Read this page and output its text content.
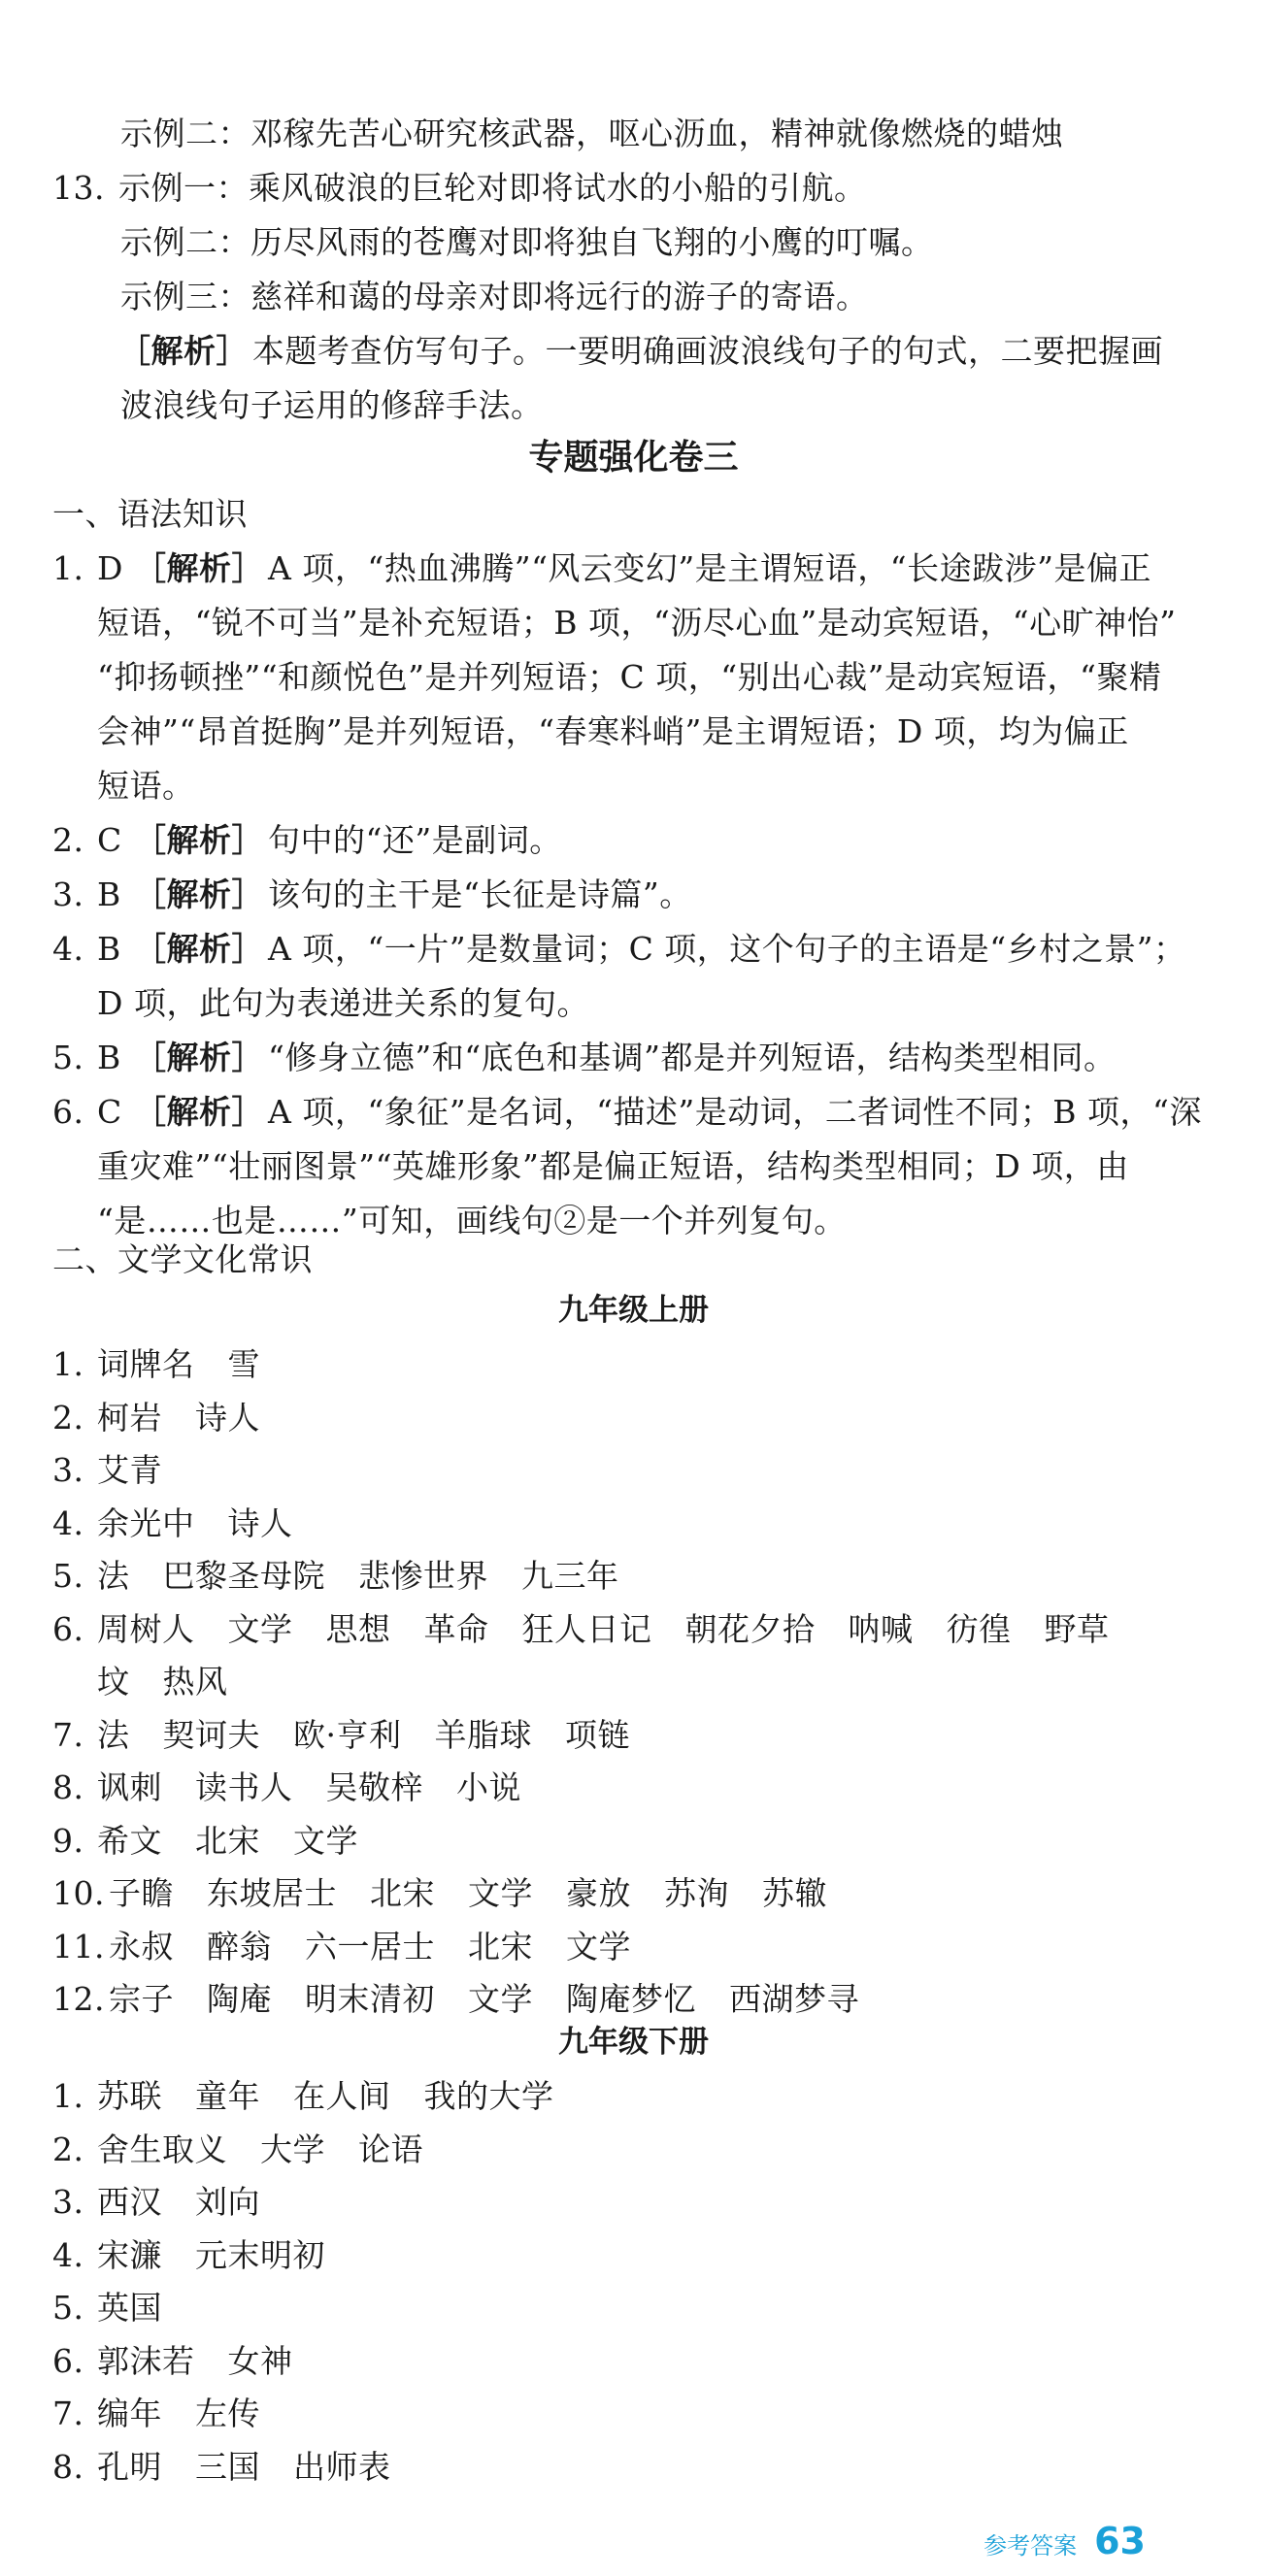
示例二：邓稼先苦心研究核武器，呕心沥血，精神就像燃烧的蜡烛
13. 示例一：乘风破浪的巨轮对即将试水的小船的引航。
示例二：历尽风雨的苍鹰对即将独自飞翔的小鹰的叮嘱。
示例三：慈祥和蔼的母亲对即将远行的游子的寄语。
［解析］ 本题考查仿写句子。一要明确画波浪线句子的句式，二要把握画
波浪线句子运用的修辞手法。
专题强化卷三
一、语法知识
1. D ［解析］ A 项，“热血沸腾”“风云变幻”是主谓短语，“长途跋涉”是偏正
短语，“锐不可当”是补充短语；B 项，“沥尽心血”是动宾短语，“心旷神怡”
“抑扬顿挫”“和颜悦色”是并列短语；C 项，“别出心裁”是动宾短语，“聚精
会神”“昂首挺胸”是并列短语，“春寒料峭”是主谓短语；D 项，均为偏正
短语。
2. C ［解析］ 句中的“还”是副词。
3. B ［解析］ 该句的主干是“长征是诗篇”。
4. B ［解析］ A 项，“一片”是数量词；C 项，这个句子的主语是“乡村之景”；
D 项，此句为表递进关系的复句。
5. B ［解析］ “修身立德”和“底色和基调”都是并列短语，结构类型相同。
6. C ［解析］ A 项，“象征”是名词，“描述”是动词，二者词性不同；B 项，“深
重灾难”“壮丽图景”“英雄形象”都是偏正短语，结构类型相同；D 项，由
“是……也是……”可知，画线句②是一个并列复句。
二、文学文化常识
九年级上册
1. 词牌名 雪
2. 柯岩 诗人
3. 艾青
4. 余光中 诗人
5. 法 巴黎圣母院 悲惨世界 九三年
6. 周树人 文学 思想 革命 狂人日记 朝花夕拾 呐喊 彷徨 野草
坟 热风
7. 法 契诃夫 欧·亨利 羊脂球 项链
8. 讽刺 读书人 吴敬梓 小说
9. 希文 北宋 文学
10. 子瞻 东坡居士 北宋 文学 豪放 苏洵 苏辙
11. 永叔 醉翁 六一居士 北宋 文学
12. 宗子 陶庵 明末清初 文学 陶庵梦忆 西湖梦寻
九年级下册
1. 苏联 童年 在人间 我的大学
2. 舍生取义 大学 论语
3. 西汉 刘向
4. 宋濂 元末明初
5. 英国
6. 郭沫若 女神
7. 编年 左传
8. 孔明 三国 出师表
参考答案 63
